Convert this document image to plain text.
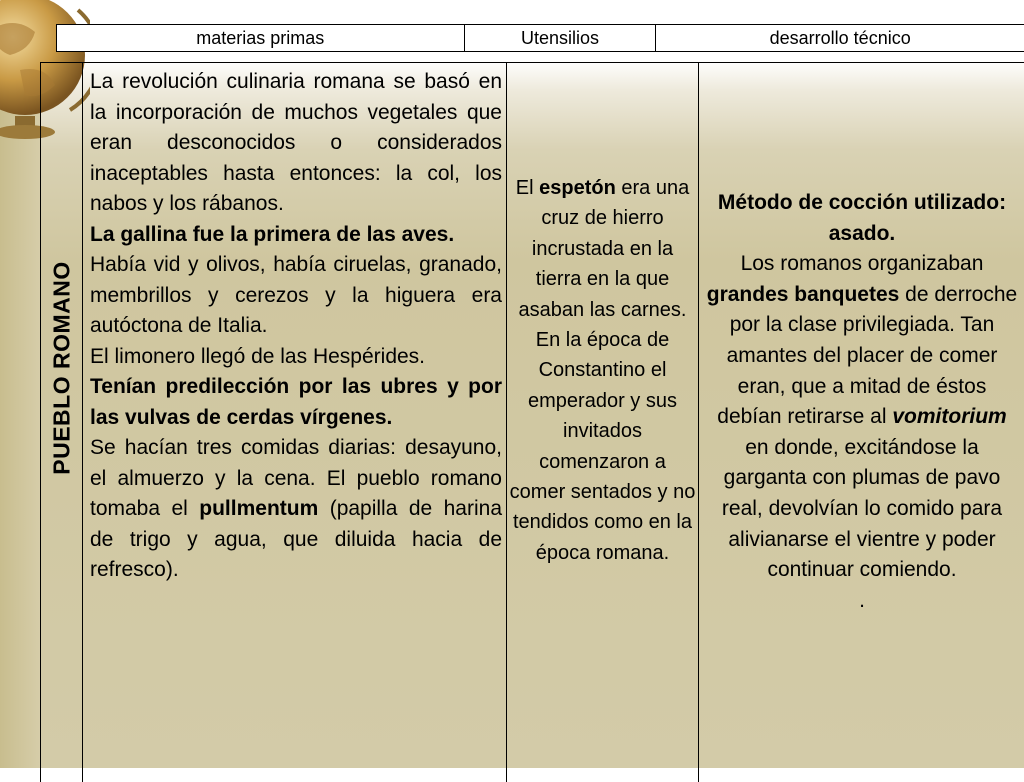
materias primas	Utensilios	desarrollo técnico
PUEBLO ROMANO

La revolución culinaria romana se basó en la incorporación de muchos vegetales que eran desconocidos o considerados inaceptables hasta entonces: la col, los nabos y los rábanos.

La gallina fue la primera de las aves.

Había vid y olivos, había ciruelas, granado, membrillos y cerezos y la higuera era autóctona de Italia.

El limonero llegó de las Hespérides.

Tenían predilección por las ubres y por las vulvas de cerdas vírgenes.

Se hacían tres comidas diarias: desayuno, el almuerzo y la cena. El pueblo romano tomaba el pullmentum (papilla de harina de trigo y agua, que diluida hacia de refresco).

El espetón era una cruz de hierro incrustada en la tierra en la que asaban las carnes.
En la época de Constantino el emperador y sus invitados comenzaron a comer sentados y no tendidos como en la época romana.
Método de cocción utilizado: asado.
Los romanos organizaban grandes banquetes de derroche por la clase privilegiada. Tan amantes del placer de comer eran, que a mitad de éstos debían retirarse al vomitorium en donde, excitándose la garganta con plumas de pavo real, devolvían lo comido para alivianarse el vientre y poder continuar comiendo.
.
